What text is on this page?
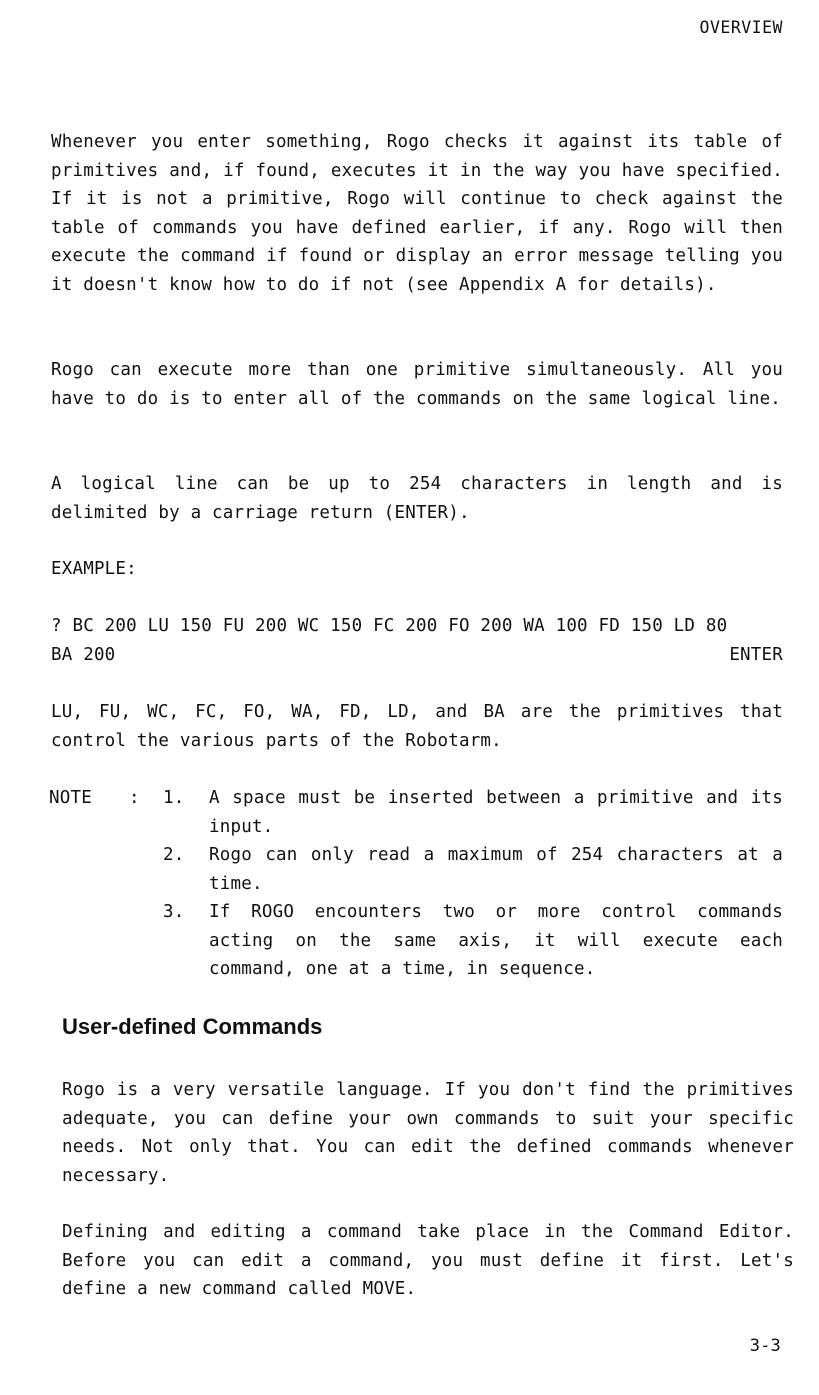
OVERVIEW

Whenever you enter something, Rogo checks it against its table of primitives and, if found, executes it in the way you have specified. If it is not a primitive, Rogo will continue to check against the table of commands you have defined earlier, if any. Rogo will then execute the command if found or display an error message telling you it doesn't know how to do if not (see Appendix A for details).

Rogo can execute more than one primitive simultaneously. All you have to do is to enter all of the commands on the same logical line.

A logical line can be up to 254 characters in length and is delimited by a carriage return (ENTER).

EXAMPLE:
? BC 200 LU 150 FU 200 WC 150 FC 200 FO 200 WA 100 FD 150 LD 80
BA 200	ENTER

LU, FU, WC, FC, FO, WA, FD, LD, and BA are the primitives that control the various parts of the Robotarm.

NOTE : 1. A space must be inserted between a primitive and its input.
2. Rogo can only read a maximum of 254 characters at a time.
3. If ROGO encounters two or more control commands acting on the same axis, it will execute each command, one at a time, in sequence.
User-defined Commands

Rogo is a very versatile language. If you don't find the primitives adequate, you can define your own commands to suit your specific needs. Not only that. You can edit the defined commands whenever necessary.

Defining and editing a command take place in the Command Editor. Before you can edit a command, you must define it first. Let's define a new command called MOVE.

3-3
